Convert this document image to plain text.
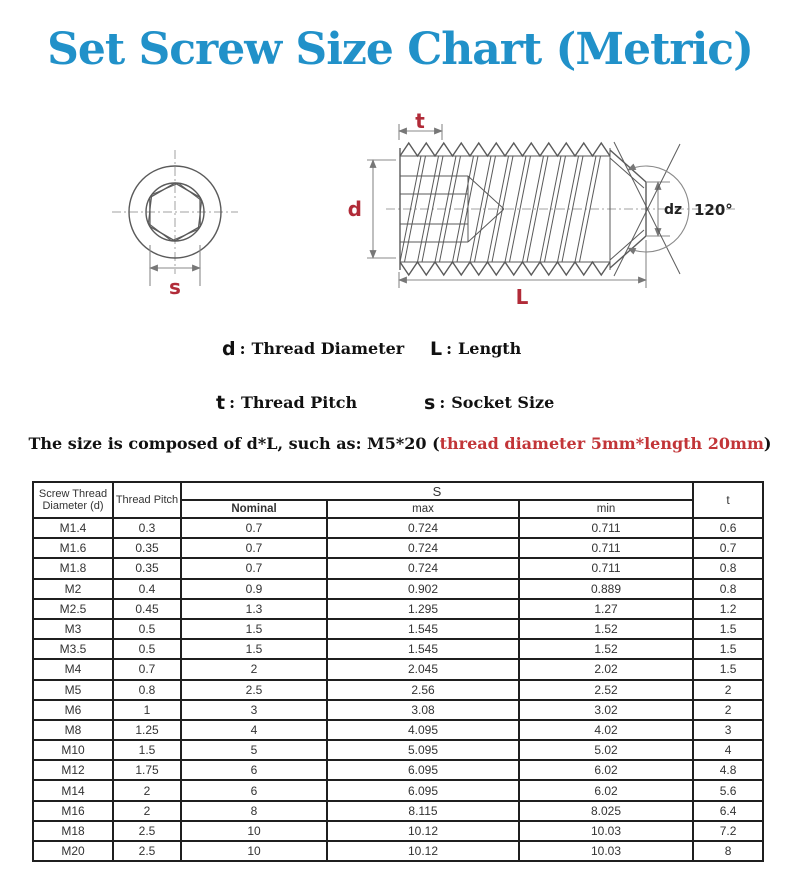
Set Screw Size Chart (Metric)
s
t
d
L
dz 120°
d : Thread Diameter L : Length
t : Thread Pitch	s : Socket Size
The size is composed of d*L, such as: M5*20 (thread diameter 5mm*length 20mm)
Screw Thread Diameter (d)	Thread Pitch	S			t
		Nominal	max	min	
M1.4	0.3	0.7	0.724	0.711	0.6
M1.6	0.35	0.7	0.724	0.711	0.7
M1.8	0.35	0.7	0.724	0.711	0.8
M2	0.4	0.9	0.902	0.889	0.8
M2.5	0.45	1.3	1.295	1.27	1.2
M3	0.5	1.5	1.545	1.52	1.5
M3.5	0.5	1.5	1.545	1.52	1.5
M4	0.7	2	2.045	2.02	1.5
M5	0.8	2.5	2.56	2.52	2
M6	1	3	3.08	3.02	2
M8	1.25	4	4.095	4.02	3
M10	1.5	5	5.095	5.02	4
M12	1.75	6	6.095	6.02	4.8
M14	2	6	6.095	6.02	5.6
M16	2	8	8.115	8.025	6.4
M18	2.5	10	10.12	10.03	7.2
M20	2.5	10	10.12	10.03	8
